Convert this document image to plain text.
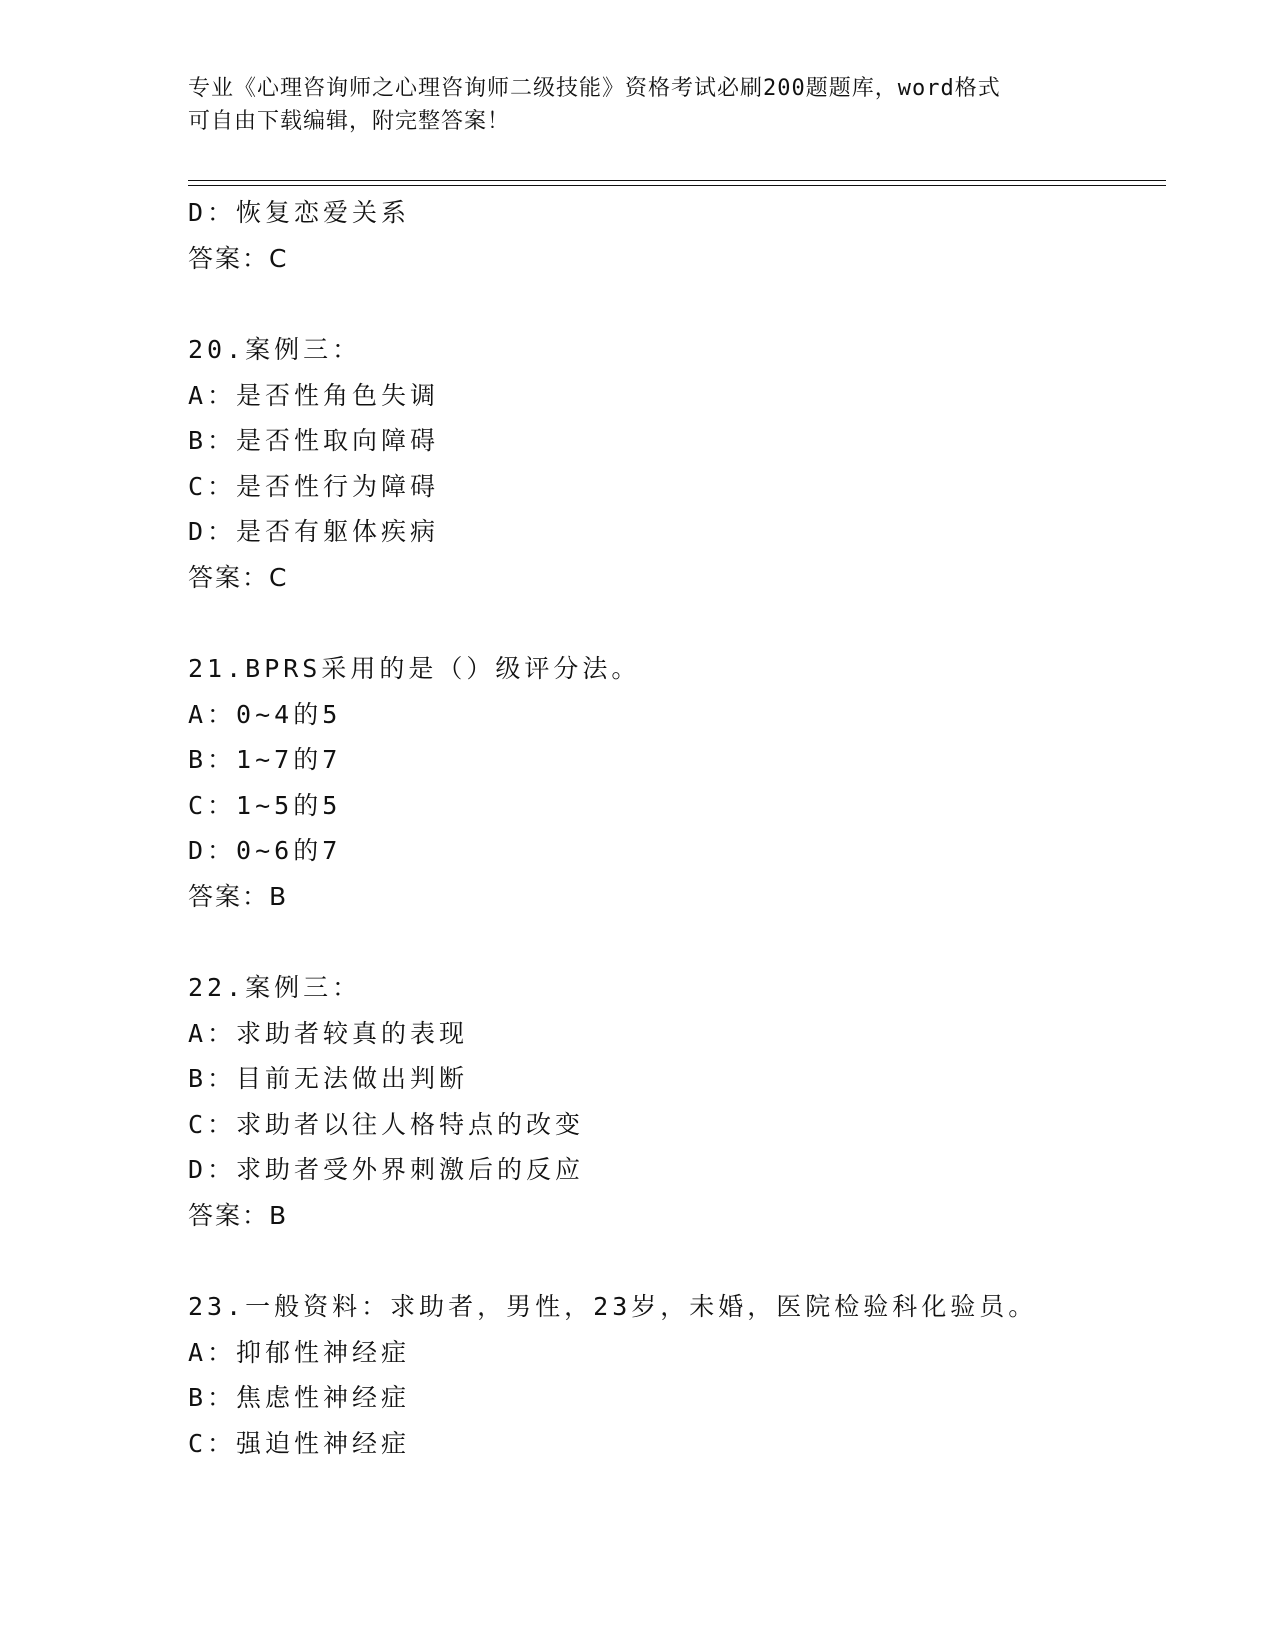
专业《心理咨询师之心理咨询师二级技能》资格考试必刷200题题库，word格式
可自由下载编辑，附完整答案！
D：恢复恋爱关系
答案：C
20.案例三：
A：是否性角色失调
B：是否性取向障碍
C：是否性行为障碍
D：是否有躯体疾病
答案：C
21.BPRS采用的是（）级评分法。
A：0~4的5
B：1~7的7
C：1~5的5
D：0~6的7
答案：B
22.案例三：
A：求助者较真的表现
B：目前无法做出判断
C：求助者以往人格特点的改变
D：求助者受外界刺激后的反应
答案：B
23.一般资料：求助者，男性，23岁，未婚，医院检验科化验员。
A：抑郁性神经症
B：焦虑性神经症
C：强迫性神经症
